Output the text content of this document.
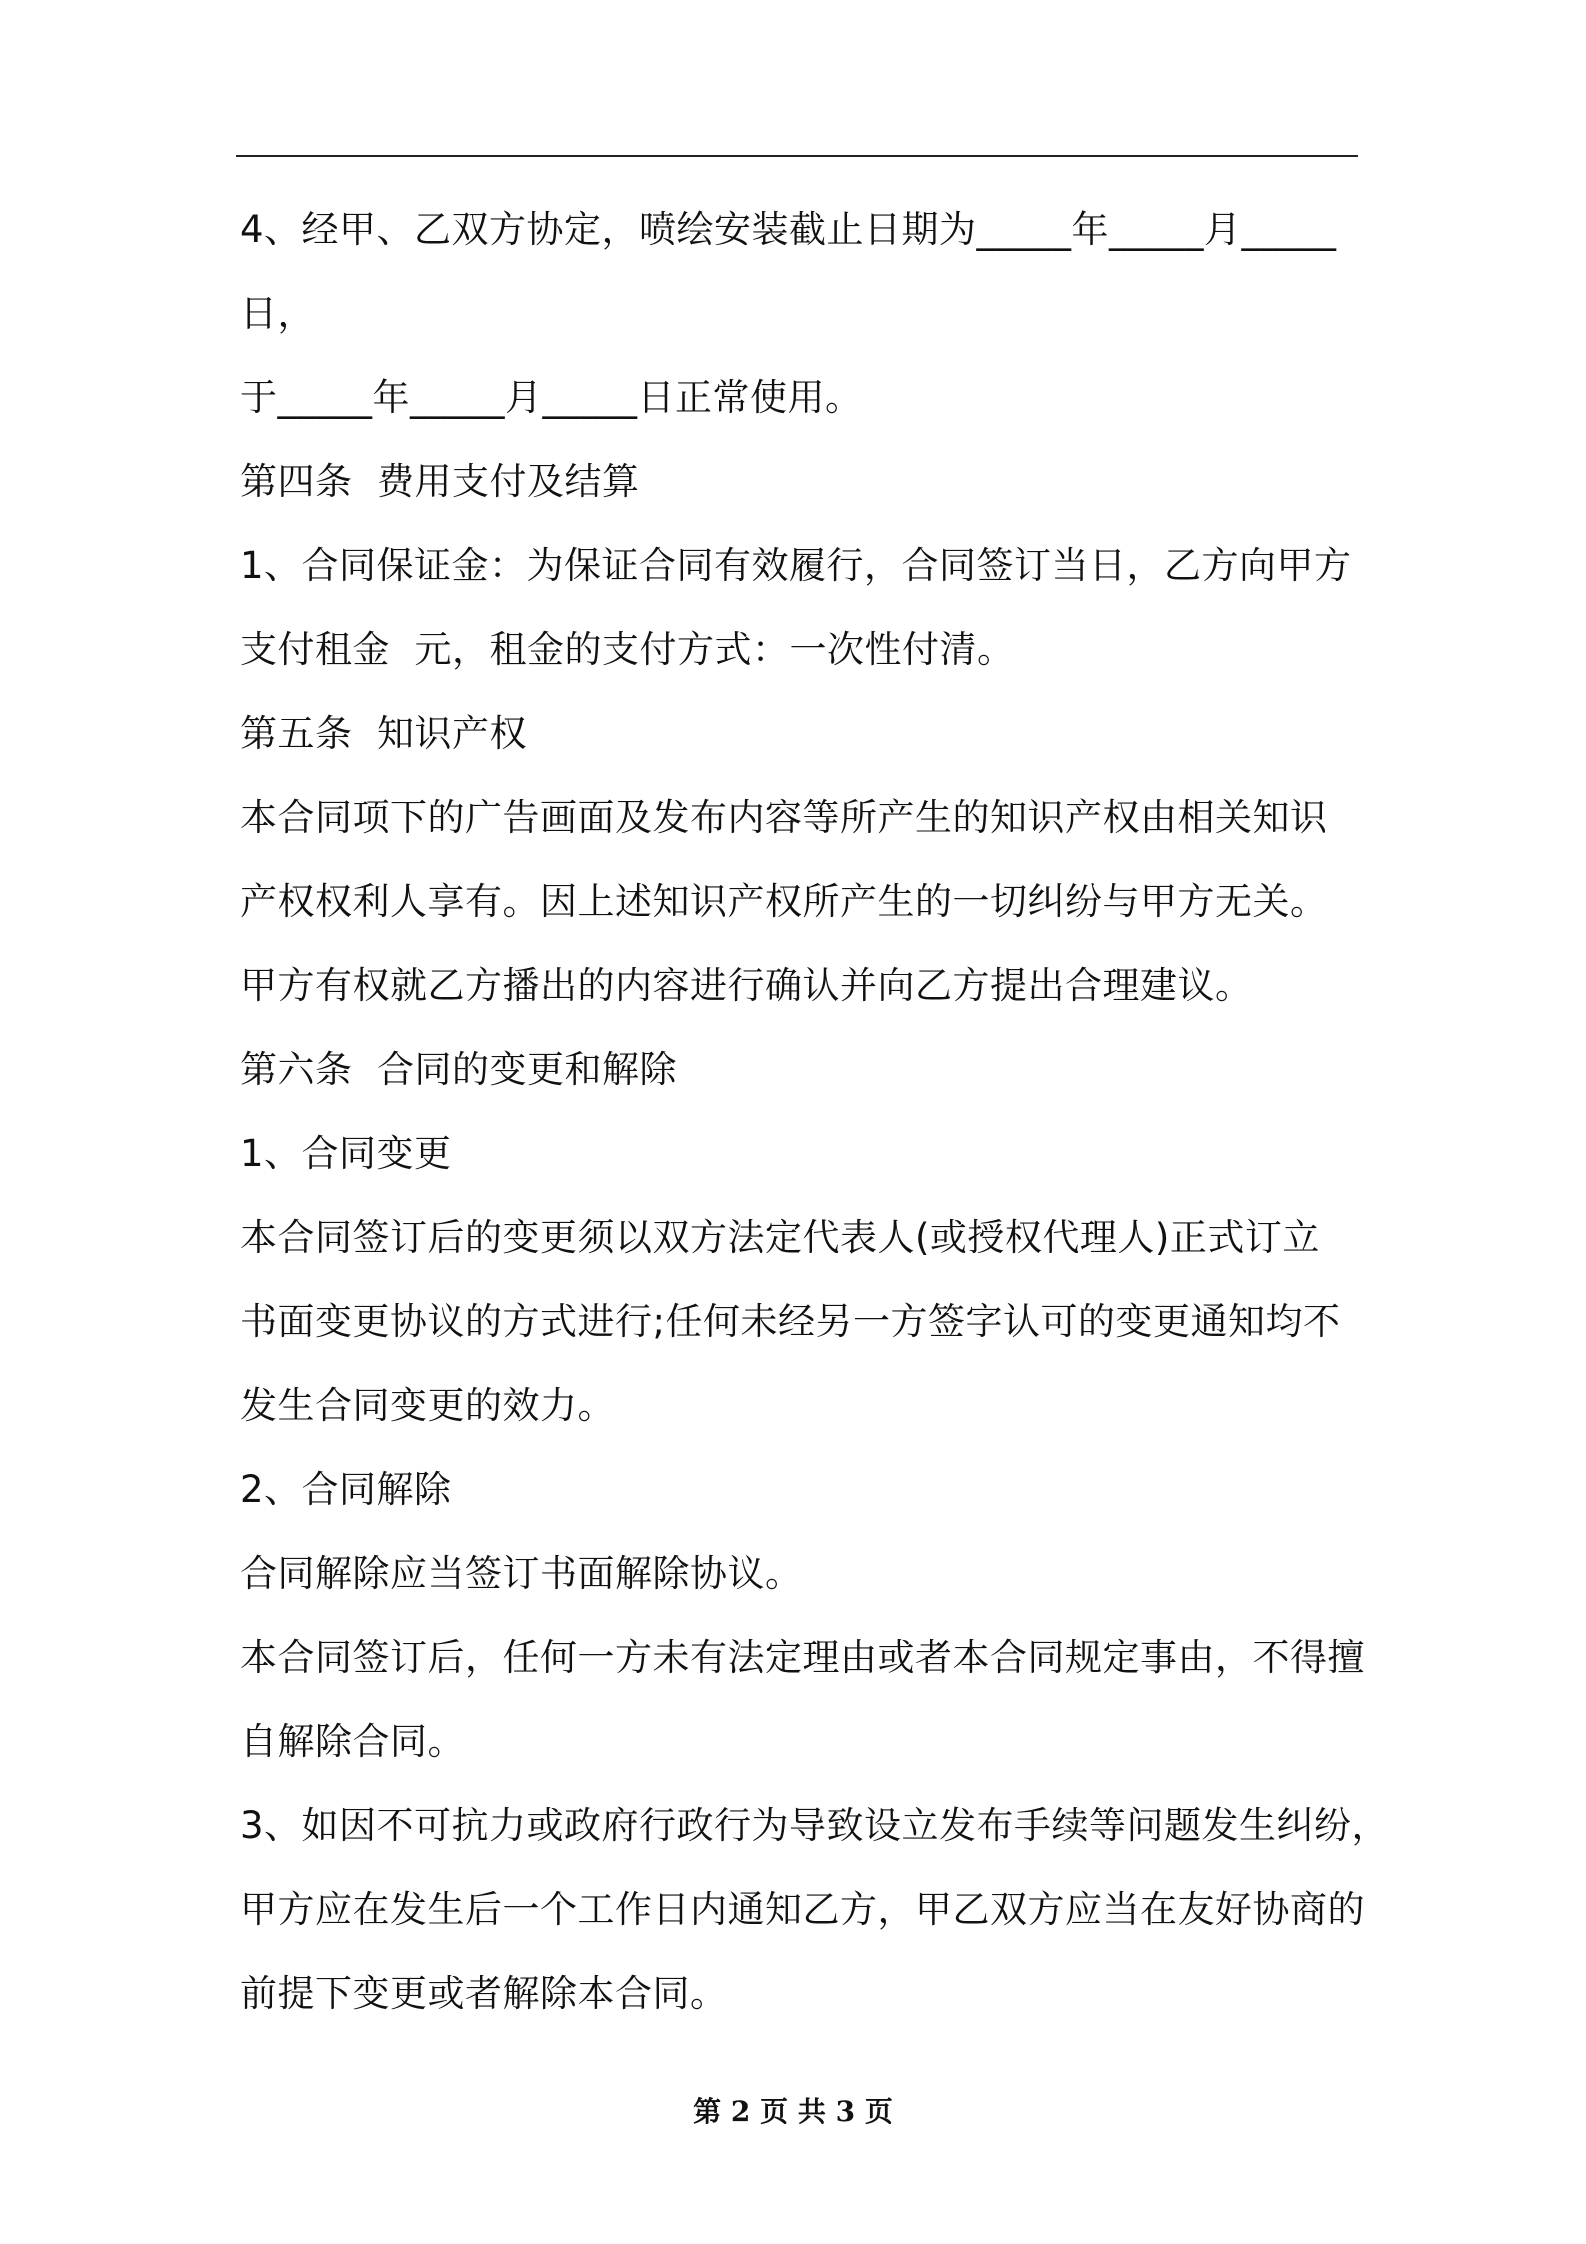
4、经甲、乙双方协定，喷绘安装截止日期为_____年_____月_____
日，
于_____年_____月_____日正常使用。
第四条  费用支付及结算
1、合同保证金：为保证合同有效履行，合同签订当日，乙方向甲方
支付租金  元，租金的支付方式：一次性付清。
第五条  知识产权
本合同项下的广告画面及发布内容等所产生的知识产权由相关知识
产权权利人享有。因上述知识产权所产生的一切纠纷与甲方无关。
甲方有权就乙方播出的内容进行确认并向乙方提出合理建议。
第六条  合同的变更和解除
1、合同变更
本合同签订后的变更须以双方法定代表人(或授权代理人)正式订立
书面变更协议的方式进行;任何未经另一方签字认可的变更通知均不
发生合同变更的效力。
2、合同解除
合同解除应当签订书面解除协议。
本合同签订后，任何一方未有法定理由或者本合同规定事由，不得擅
自解除合同。
3、如因不可抗力或政府行政行为导致设立发布手续等问题发生纠纷，
甲方应在发生后一个工作日内通知乙方，甲乙双方应当在友好协商的
前提下变更或者解除本合同。
第 2 页 共 3 页
